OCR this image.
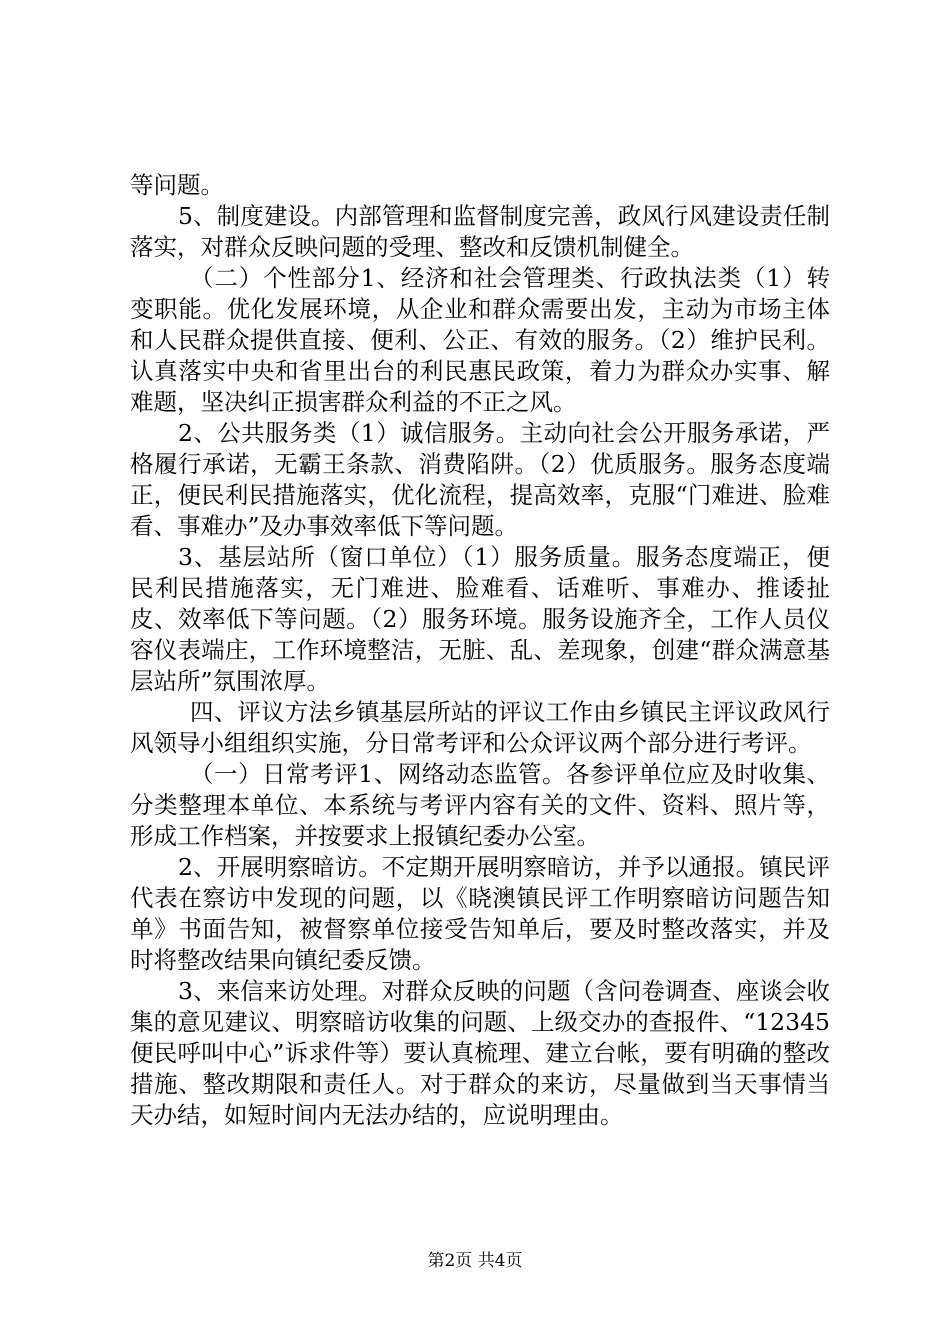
等问题。

5、制度建设。内部管理和监督制度完善，政风行风建设责任制落实，对群众反映问题的受理、整改和反馈机制健全。

（二）个性部分1、经济和社会管理类、行政执法类（1）转变职能。优化发展环境，从企业和群众需要出发，主动为市场主体和人民群众提供直接、便利、公正、有效的服务。（2）维护民利。认真落实中央和省里出台的利民惠民政策，着力为群众办实事、解难题，坚决纠正损害群众利益的不正之风。

2、公共服务类（1）诚信服务。主动向社会公开服务承诺，严格履行承诺，无霸王条款、消费陷阱。（2）优质服务。服务态度端正，便民利民措施落实，优化流程，提高效率，克服“门难进、脸难看、事难办”及办事效率低下等问题。

3、基层站所（窗口单位）（1）服务质量。服务态度端正，便民利民措施落实，无门难进、脸难看、话难听、事难办、推诿扯皮、效率低下等问题。（2）服务环境。服务设施齐全，工作人员仪容仪表端庄，工作环境整洁，无脏、乱、差现象，创建“群众满意基层站所”氛围浓厚。

四、评议方法乡镇基层所站的评议工作由乡镇民主评议政风行风领导小组组织实施，分日常考评和公众评议两个部分进行考评。

（一）日常考评1、网络动态监管。各参评单位应及时收集、分类整理本单位、本系统与考评内容有关的文件、资料、照片等，形成工作档案，并按要求上报镇纪委办公室。

2、开展明察暗访。不定期开展明察暗访，并予以通报。镇民评代表在察访中发现的问题，以《晓澳镇民评工作明察暗访问题告知单》书面告知，被督察单位接受告知单后，要及时整改落实，并及时将整改结果向镇纪委反馈。

3、来信来访处理。对群众反映的问题（含问卷调查、座谈会收集的意见建议、明察暗访收集的问题、上级交办的查报件、“12345便民呼叫中心”诉求件等）要认真梳理、建立台帐，要有明确的整改措施、整改期限和责任人。对于群众的来访，尽量做到当天事情当天办结，如短时间内无法办结的，应说明理由。

第2页 共4页
